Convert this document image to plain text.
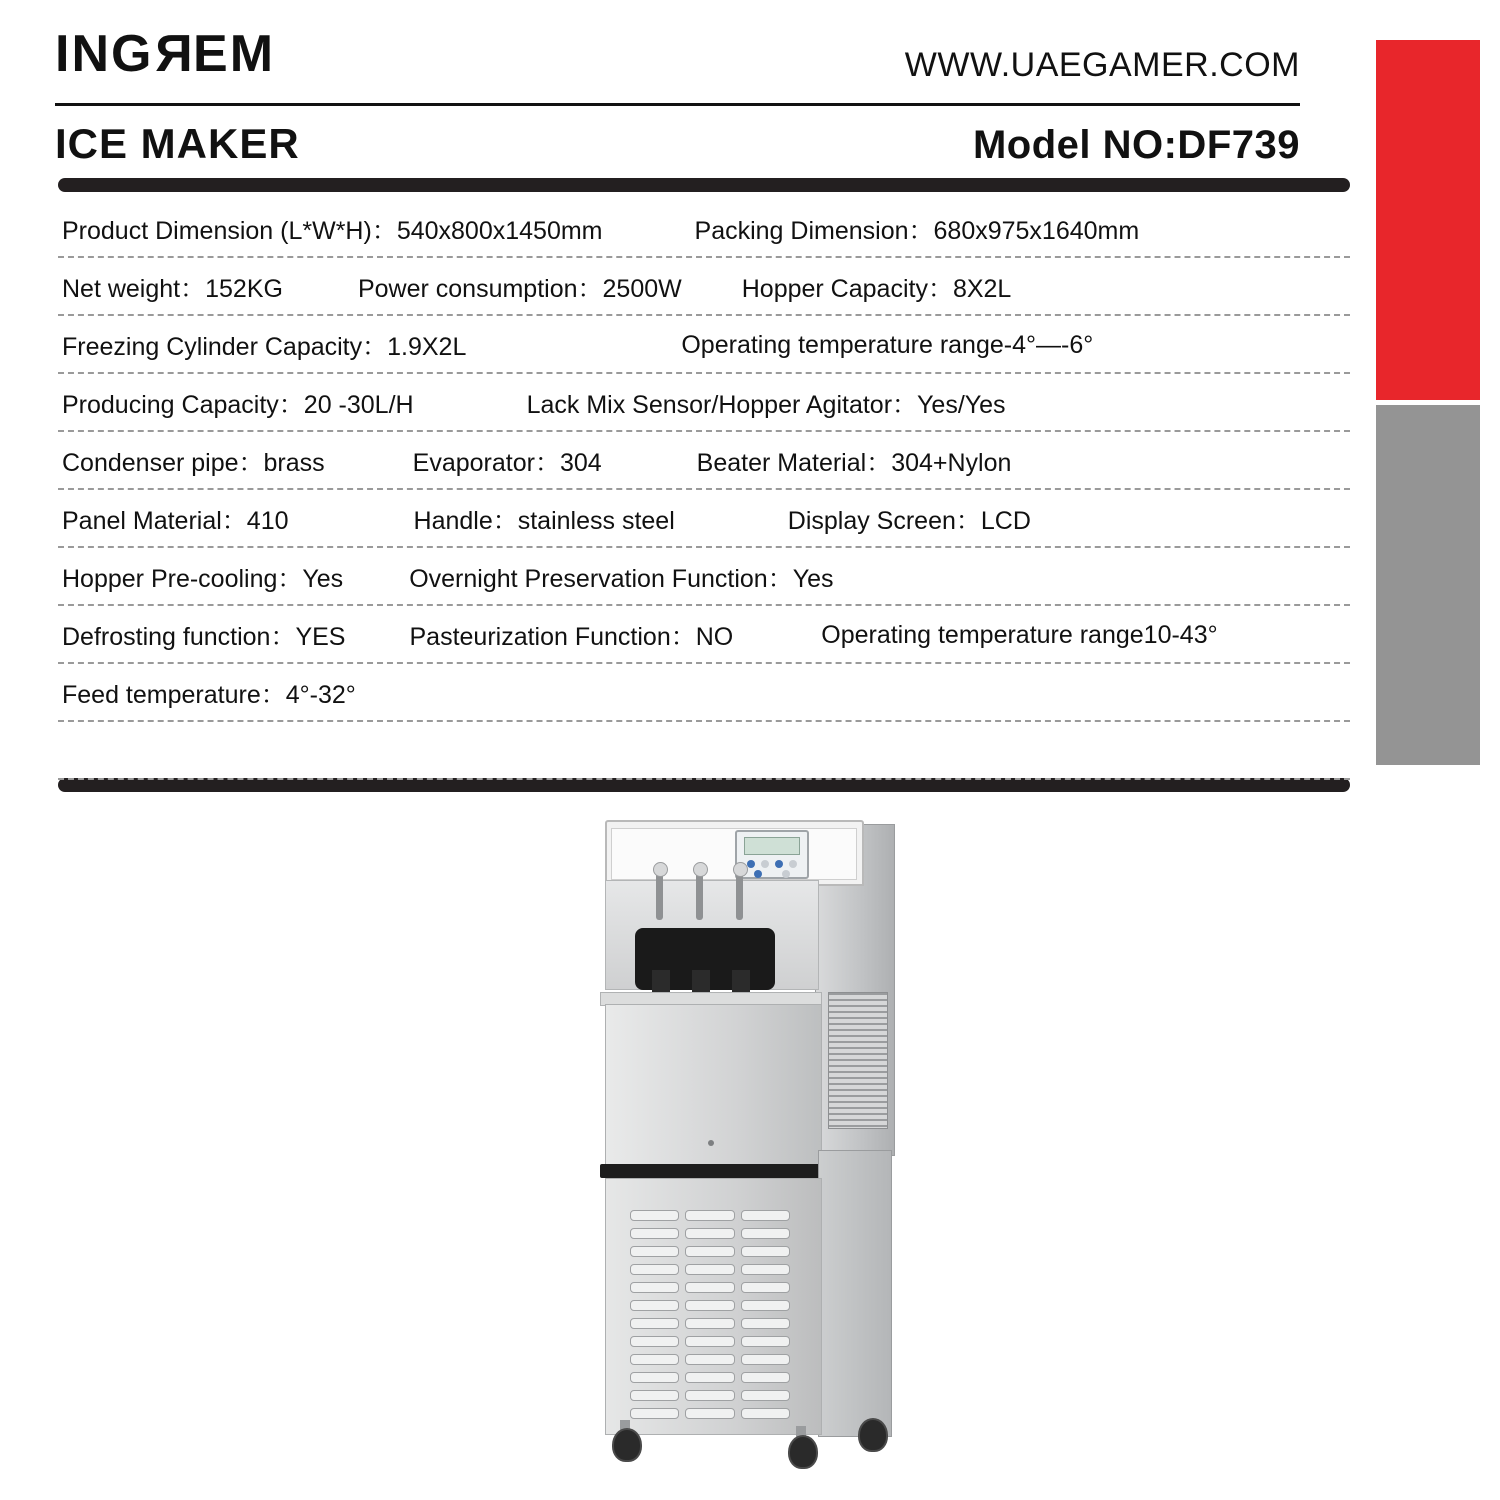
INGREM	WWW.UAEGAMER.COM
ICE MAKER	Model NO:DF739
Product Dimension (L*W*H)：540x800x1450mm	Packing Dimension：680x975x1640mm
Net weight：152KG	Power consumption：2500W Hopper Capacity：8X2L
Freezing Cylinder Capacity：1.9X2L	Operating temperature range-4°—-6°
Producing Capacity：20 -30L/H	Lack Mix Sensor/Hopper Agitator：Yes/Yes
Condenser pipe：brass	Evaporator：304	Beater Material：304+Nylon
Panel Material：410	Handle：stainless steel	Display Screen：LCD
Hopper Pre-cooling：Yes	Overnight Preservation Function：Yes
Defrosting function：YES	Pasteurization Function：NO	Operating temperature range10-43°
Feed temperature：4°-32°
